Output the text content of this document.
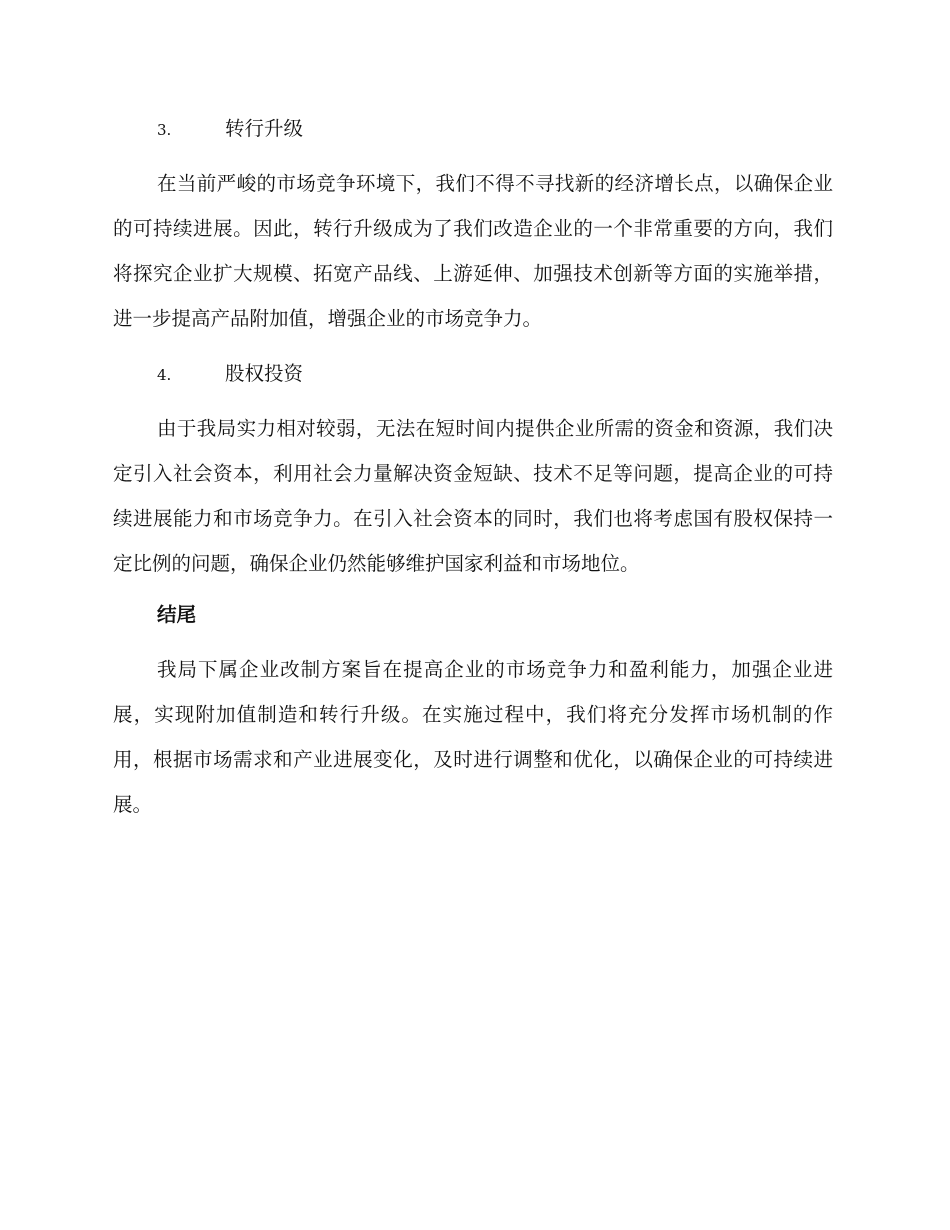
3.	转行升级

在当前严峻的市场竞争环境下，我们不得不寻找新的经济增长点，以确保企业的可持续进展。因此，转行升级成为了我们改造企业的一个非常重要的方向，我们将探究企业扩大规模、拓宽产品线、上游延伸、加强技术创新等方面的实施举措，进一步提高产品附加值，增强企业的市场竞争力。

4.	股权投资

由于我局实力相对较弱，无法在短时间内提供企业所需的资金和资源，我们决定引入社会资本，利用社会力量解决资金短缺、技术不足等问题，提高企业的可持续进展能力和市场竞争力。在引入社会资本的同时，我们也将考虑国有股权保持一定比例的问题，确保企业仍然能够维护国家利益和市场地位。

结尾

我局下属企业改制方案旨在提高企业的市场竞争力和盈利能力，加强企业进展，实现附加值制造和转行升级。在实施过程中，我们将充分发挥市场机制的作用，根据市场需求和产业进展变化，及时进行调整和优化，以确保企业的可持续进展。
